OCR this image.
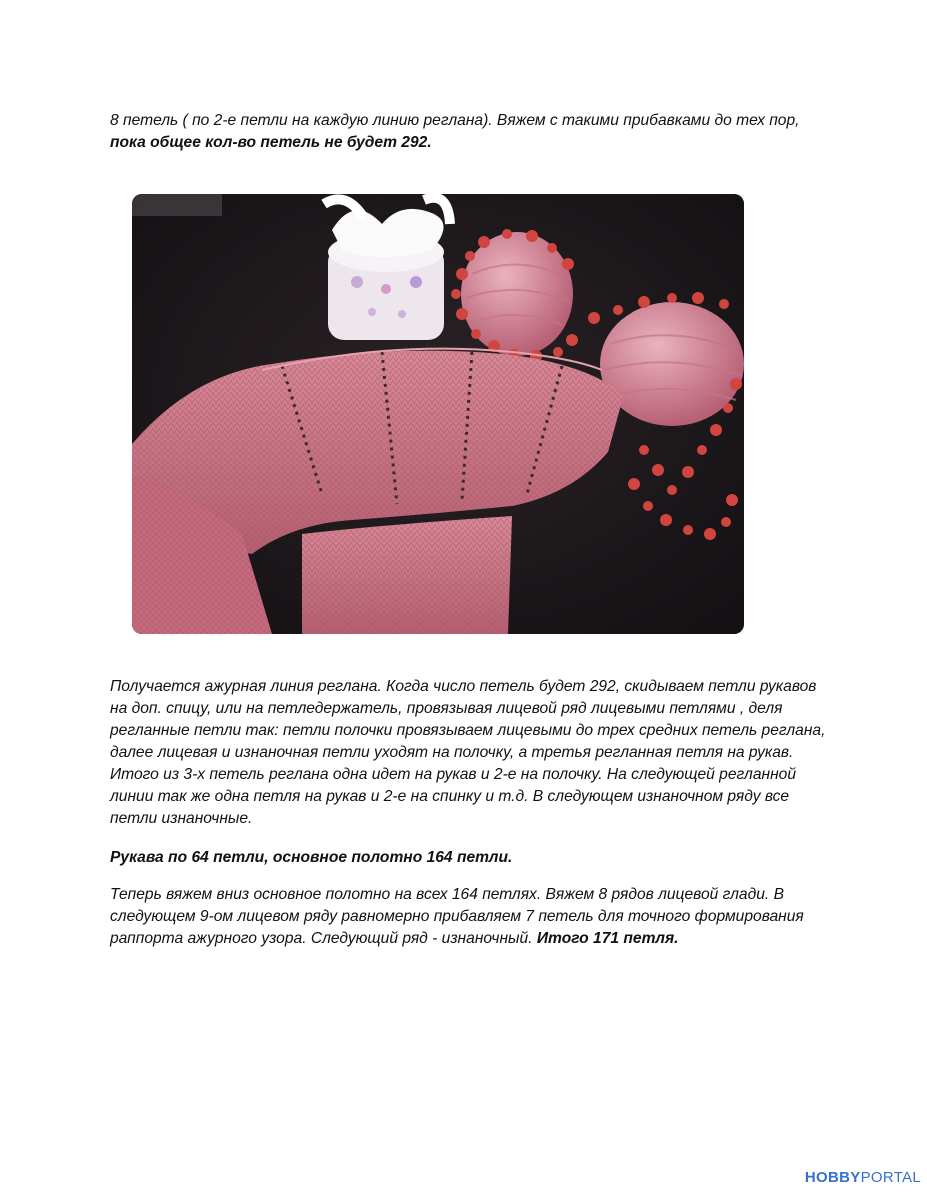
8 петель ( по 2-е петли на каждую линию реглана). Вяжем с такими прибавками до тех пор, пока общее кол-во петель не будет 292.

Получается ажурная линия реглана. Когда число петель будет 292, скидываем петли рукавов на доп. спицу, или на петледержатель, провязывая лицевой ряд лицевыми петлями , деля регланные петли так: петли полочки провязываем лицевыми до трех средних петель реглана, далее лицевая и изнаночная петли уходят на полочку, а третья регланная петля на рукав. Итого из 3-х петель реглана одна идет на рукав и 2-е на полочку. На следующей регланной линии так же одна петля на рукав и 2-е на спинку и т.д. В следующем изнаночном ряду все петли изнаночные.

Рукава по 64 петли, основное полотно 164 петли.

Теперь вяжем вниз основное полотно на всех 164 петлях. Вяжем 8 рядов лицевой глади. В следующем 9-ом лицевом ряду равномерно прибавляем 7 петель для точного формирования раппорта ажурного узора. Следующий ряд - изнаночный. Итого 171 петля.

HOBBYPORTAL
